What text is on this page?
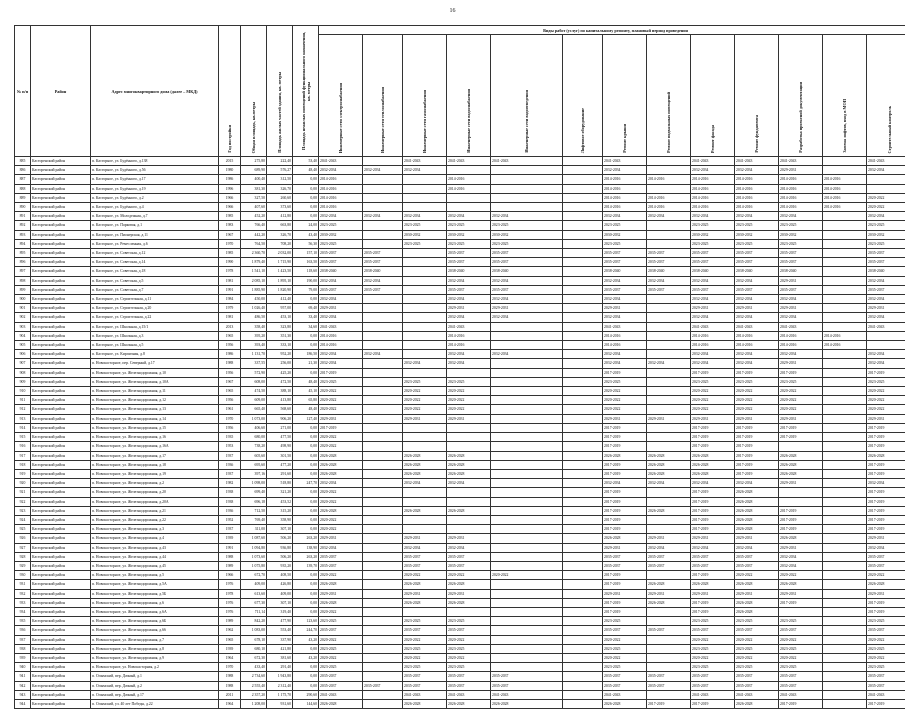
16
№ п/п	Район	Адрес многоквартирного дома (далее – МКД)	Год постройки	Общая площадь, кв.метры	Площадь жилых частей здания, кв. метры	Площадь нежилых помещений функционального назначения, кв. метры	Виды работ (услуг) по капитальному ремонту, плановый период проведения												

							Инженерные сети электроснабжения	Инженерные сети теплоснабжения	Инженерные сети газоснабжения	Инженерные сети водоснабжения	Инженерные сети водоотведения	Лифтовое оборудование	Ремонт крыши	Ремонт подвальных помещений	Ремонт фасада	Ремонт фундамента	Разработка проектной документации	Замена лифтов, вход в МОП	Строительный контроль

885	Касторенский район	п. Касторное, ул. Будённого, д.138	2015	275,80	222,40	53,40	2041-2043		2041-2043	2041-2043	2041-2043		2041-2043		2041-2043	2041-2043	2041-2043		2041-2043
886	Касторенский район	п. Касторное, ул. Будённого, д.56	1980	689,90	576,27	48,40	2032-2034	2032-2034	2032-2034				2032-2034		2032-2034	2032-2034	2029-2031		2032-2034
887	Касторенский район	п. Касторное, ул. Будённого, д.17	1986	400,40	312,50	0,00	2014-2016			2014-2016			2014-2016	2014-2016	2014-2016	2014-2016	2014-2016	2014-2016	
888	Касторенский район	п. Касторное, ул. Будённого, д.19	1996	381,30	326,70	0,00	2014-2016			2014-2016			2014-2016		2014-2016	2014-2016	2014-2016	2014-2016	
889	Касторенский район	п. Касторное, ул. Будённого, д.2	1966	327,50	260,60	0,00	2014-2016						2014-2016	2014-2016	2014-2016	2014-2016	2014-2016	2014-2016	2020-2022
890	Касторенский район	п. Касторное, ул. Будённого, д.4	1966	407,60	373,60	0,00	2014-2016						2014-2016	2014-2016	2014-2016	2014-2016	2014-2016	2014-2016	2020-2022
891	Касторенский район	п. Касторное, ул. Молодежная, д.7	1985	452,20	412,80	0,00	2032-2034	2032-2034	2032-2034	2032-2034	2032-2034		2032-2034	2032-2034	2032-2034	2032-2034	2032-2034		2032-2034
892	Касторенский район	п. Касторное, ул. Парковая, д.1	1983	766,40	663,80	24,00	2023-2025		2023-2025	2023-2025	2023-2025		2023-2025		2023-2025	2023-2025	2023-2025		2023-2025
893	Касторенский район	п. Касторное, ул. Пионерская, д.11	1967	442,20	326,70	43,40	2030-2032		2030-2032	2030-2032	2030-2032		2030-2032		2030-2032	2030-2032	2030-2032		2030-2032
894	Касторенский район	п. Касторное, ул. Ремесленная, д.6	1970	764,50	708,20	56,30	2023-2025		2023-2025	2023-2025	2023-2025		2023-2025		2023-2025	2023-2025	2023-2025		2023-2025
895	Касторенский район	п. Касторное, ул. Советская, д.12	1985	2 360,70	2 032,00	157,10	2035-2037	2035-2037		2035-2037	2035-2037		2035-2037	2035-2037	2035-2037	2035-2037	2035-2037		2035-2037
896	Касторенский район	п. Касторное, ул. Советская, д.14	1990	1 879,40	1 715,90	163,50	2035-2037	2035-2037		2035-2037	2035-2037		2035-2037	2035-2037	2035-2037	2035-2037	2035-2037		2035-2037
897	Касторенский район	п. Касторное, ул. Советская, д.18	1978	1 541,10	1 423,50	118,60	2038-2040	2038-2040		2038-2040	2038-2040		2038-2040	2038-2040	2038-2040	2038-2040	2038-2040		2038-2040
898	Касторенский район	п. Касторное, ул. Советская, д.5	1981	2 085,10	1 895,10	190,00	2032-2034	2032-2034		2032-2034	2032-2034		2032-2034	2032-2034	2032-2034	2032-2034	2029-2031		2032-2034
899	Касторенский район	п. Касторное, ул. Советская, д.7	1991	1 885,90	1 820,90	79,00	2035-2037	2035-2037		2035-2037	2035-2037		2035-2037	2035-2037	2035-2037	2035-2037	2035-2037		2035-2037
900	Касторенский район	п. Касторное, ул. Строительная, д.11	1984	450,00	412,40	0,00	2032-2034			2032-2034	2032-2034		2032-2034		2032-2034	2032-2034	2032-2034		2032-2034
901	Касторенский район	п. Касторное, ул. Строительная, д.20	1979	1 026,40	957,00	69,40	2029-2031			2029-2031	2029-2031		2029-2031		2029-2031	2029-2031	2029-2031		2029-2031
902	Касторенский район	п. Касторное, ул. Строительная, д.22	1981	486,50	453,10	33,40	2032-2034			2032-2034	2032-2034		2032-2034		2032-2034	2032-2034	2032-2034		2032-2034
903	Касторенский район	п. Касторное, ул. Школьная, д.15/1	2013	358,40	323,80	34,60	2041-2043			2041-2043			2041-2043		2041-2043	2041-2043	2041-2043		2041-2043
904	Касторенский район	п. Касторное, ул. Школьная, д.3	1965	395,20	351,30	0,00	2014-2016			2014-2016			2014-2016		2014-2016	2014-2016	2014-2016	2014-2016	
905	Касторенский район	п. Касторное, ул. Школьная, д.5	1956	393,40	333,10	0,00	2014-2016			2014-2016			2014-2016		2014-2016	2014-2016	2014-2016	2014-2016	
906	Касторенский район	п. Касторное, ул. Кирпичная, д.8	1986	1 131,70	952,20	186,50	2032-2034	2032-2034		2032-2034	2032-2034		2032-2034		2032-2034	2032-2034	2032-2034		2032-2034
907	Касторенский район	п. Новокасторное, пер. Северный, д.17	1988	337,55	256,00	21,30	2032-2034		2032-2034	2032-2034			2032-2034	2032-2034	2032-2034	2032-2034	2029-2031		2032-2034
908	Касторенский район	п. Новокасторное, ул. Железнодорожная, д.10	1956	572,90	425,20	0,00	2017-2019						2017-2019		2017-2019	2017-2019	2017-2019		2017-2019
909	Касторенский район	п. Новокасторное, ул. Железнодорожная, д.10А	1967	608,00	472,50	48,40	2023-2025		2023-2025	2023-2025			2023-2025		2023-2025	2023-2025	2023-2025		2023-2025
910	Касторенский район	п. Новокасторное, ул. Железнодорожная, д.11	1965	474,50	388,10	45,10	2020-2022		2020-2022	2020-2022			2020-2022		2020-2022	2020-2022	2020-2022		2020-2022
911	Касторенский район	п. Новокасторное, ул. Железнодорожная, д.12	1956	609,00	413,80	65,80	2020-2022		2020-2022	2020-2022			2020-2022		2020-2022	2020-2022	2020-2022		2020-2022
912	Касторенский район	п. Новокасторное, ул. Железнодорожная, д.13	1961	665,40	568,60	48,40	2020-2022		2020-2022	2020-2022			2020-2022		2020-2022	2020-2022	2020-2022		2020-2022
913	Касторенский район	п. Новокасторное, ул. Железнодорожная, д.14	1970	1 073,00	906,20	127,40	2029-2031		2029-2031	2029-2031			2029-2031	2029-2031	2029-2031	2029-2031	2029-2031		2029-2031
914	Касторенский район	п. Новокасторное, ул. Железнодорожная, д.15	1956	406,60	271,00	0,00	2017-2019						2017-2019		2017-2019	2017-2019	2017-2019		2017-2019
915	Касторенский район	п. Новокасторное, ул. Железнодорожная, д.16	1935	680,00	477,50	0,00	2020-2022						2017-2019		2017-2019	2017-2019	2017-2019		2017-2019
916	Касторенский район	п. Новокасторное, ул. Железнодорожная, д.16А	1953	738,20	498,90	0,00	2020-2022						2017-2019		2017-2019	2017-2019			2017-2019
917	Касторенский район	п. Новокасторное, ул. Железнодорожная, д.17	1937	605,60	301,50	0,00	2026-2028		2026-2028	2026-2028			2026-2028	2026-2028	2026-2028	2017-2019	2026-2028		2026-2028
918	Касторенский район	п. Новокасторное, ул. Железнодорожная, д.18	1936	695,60	477,20	0,00	2026-2028		2026-2028	2026-2028			2017-2019	2026-2028	2026-2028	2017-2019	2026-2028		2017-2019
919	Касторенский район	п. Новокасторное, ул. Железнодорожная, д.19	1937	397,16	291,60	0,00	2026-2028		2026-2028	2026-2028			2017-2019	2026-2028	2026-2028	2017-2019	2026-2028		2017-2019
920	Касторенский район	п. Новокасторное, ул. Железнодорожная, д.2	1982	1 098,00	518,80	247,70	2032-2034		2032-2034	2032-2034			2032-2034	2032-2034	2032-2034	2032-2034	2029-2031		2032-2034
921	Касторенский район	п. Новокасторное, ул. Железнодорожная, д.20	1938	699,40	321,20	0,00	2020-2022						2017-2019		2017-2019	2026-2028			2017-2019
922	Касторенский район	п. Новокасторное, ул. Железнодорожная, д.20А	1938	696,18	453,52	0,00	2020-2022						2017-2019		2017-2019	2026-2028			2017-2019
923	Касторенский район	п. Новокасторное, ул. Железнодорожная, д.21	1936	712,50	315,20	0,00	2026-2028		2026-2028	2026-2028			2017-2019	2026-2028	2017-2019	2026-2028	2017-2019		2017-2019
924	Касторенский район	п. Новокасторное, ул. Железнодорожная, д.22	1952	769,40	358,90	0,00	2020-2022						2017-2019		2017-2019	2026-2028	2017-2019		2017-2019
925	Касторенский район	п. Новокасторное, ул. Железнодорожная, д.3	1937	311,00	307,10	0,00	2020-2022						2017-2019		2017-2019	2026-2028	2017-2019		2017-2019
926	Касторенский район	п. Новокасторное, ул. Железнодорожная, д.4	1939	1 087,60	506,20	263,20	2029-2031		2029-2031	2029-2031			2026-2028	2029-2031	2029-2031	2029-2031	2026-2028		2029-2031
927	Касторенский район	п. Новокасторное, ул. Железнодорожная, д.43	1991	1 094,80	936,80	138,90	2032-2034		2032-2034	2032-2034			2029-2031	2032-2034	2032-2034	2032-2034	2029-2031		2032-2034
928	Касторенский район	п. Новокасторное, ул. Железнодорожная, д.44	1988	1 073,60	506,20	263,20	2035-2037		2035-2037	2035-2037			2035-2037	2035-2037	2035-2037	2035-2037	2032-2034		2035-2037
929	Касторенский район	п. Новокасторное, ул. Железнодорожная, д.45	1989	1 075,80	935,20	139,70	2035-2037		2035-2037	2035-2037			2035-2037	2035-2037	2035-2037	2035-2037	2032-2034		2035-2037
930	Касторенский район	п. Новокасторное, ул. Железнодорожная, д.5	1966	672,70	408,50	0,00	2020-2022		2020-2022	2020-2022	2020-2022		2017-2019		2017-2019	2020-2022	2020-2022		2020-2022
931	Касторенский район	п. Новокасторное, ул. Железнодорожная, д.5А	1976	409,00	426,80	0,00	2026-2028		2026-2028	2026-2028			2017-2019	2026-2028	2026-2028	2026-2028	2026-2028		2026-2028
932	Касторенский район	п. Новокасторное, ул. Железнодорожная, д.5Б	1978	613,60	409,00	0,00	2029-2031		2029-2031	2029-2031			2029-2031	2029-2031	2029-2031	2029-2031	2029-2031		2029-2031
933	Касторенский район	п. Новокасторное, ул. Железнодорожная, д.6	1976	677,30	307,10	0,00	2026-2028		2026-2028	2026-2028			2017-2019	2026-2028	2017-2019	2026-2028	2017-2019		2017-2019
934	Касторенский район	п. Новокасторное, ул. Железнодорожная, д.6А	1976	711,14	319,40	0,00	2020-2022						2017-2019		2017-2019	2026-2028			2017-2019
935	Касторенский район	п. Новокасторное, ул. Железнодорожная, д.6Б	1989	842,20	477,90	123,60	2023-2025		2023-2025	2023-2025			2023-2025		2023-2025	2023-2025	2023-2025		2023-2025
936	Касторенский район	п. Новокасторное, ул. Железнодорожная, д.66	1962	1 083,00	553,40	244,70	2035-2037		2035-2037	2035-2037			2035-2037	2035-2037	2035-2037	2035-2037	2035-2037		2035-2037
937	Касторенский район	п. Новокасторное, ул. Железнодорожная, д.7	1965	678,10	337,90	43,20	2020-2022		2020-2022	2020-2022			2020-2022		2020-2022	2020-2022	2020-2022		2020-2022
938	Касторенский район	п. Новокасторное, ул. Железнодорожная, д.8	1939	680,10	421,80	0,00	2023-2025		2023-2025	2023-2025			2023-2025		2023-2025	2023-2025	2023-2025		2023-2025
939	Касторенский район	п. Новокасторное, ул. Железнодорожная, д.9	1964	672,30	381,60	43,20	2020-2022		2020-2022	2020-2022			2020-2022		2020-2022	2020-2022	2020-2022		2020-2022
940	Касторенский район	п. Новокасторное, ул. Новокасторная, д.2	1970	433,40	291,40	0,00	2023-2025		2023-2025	2023-2025			2023-2025		2023-2025	2023-2025	2023-2025		2023-2025
941	Касторенский район	п. Олымский, пер. Дачный, д.1	1988	2 734,60	1 943,80	0,00	2035-2037		2035-2037	2035-2037	2035-2037		2035-2037	2035-2037	2035-2037	2035-2037	2035-2037		2035-2037
942	Касторенский район	п. Олымский, пер. Дачный, д.2	1988	2 555,40	2 312,40	0,00	2035-2037	2035-2037	2035-2037	2035-2037	2035-2037		2035-2037	2035-2037	2035-2037	2035-2037	2035-2037		2035-2037
943	Касторенский район	п. Олымский, пер. Дачный, д.17	2011	2 357,20	1 175,70	290,60	2041-2043		2041-2043	2041-2043	2041-2043		2041-2043		2041-2043	2041-2043	2041-2043		2041-2043
944	Касторенский район	п. Олымский, ул. 40 лет Победы, д.22	1964	1 208,00	931,60	144,60	2026-2028		2026-2028	2026-2028	2026-2028		2026-2028	2017-2019	2017-2019	2026-2028	2017-2019		2017-2019
